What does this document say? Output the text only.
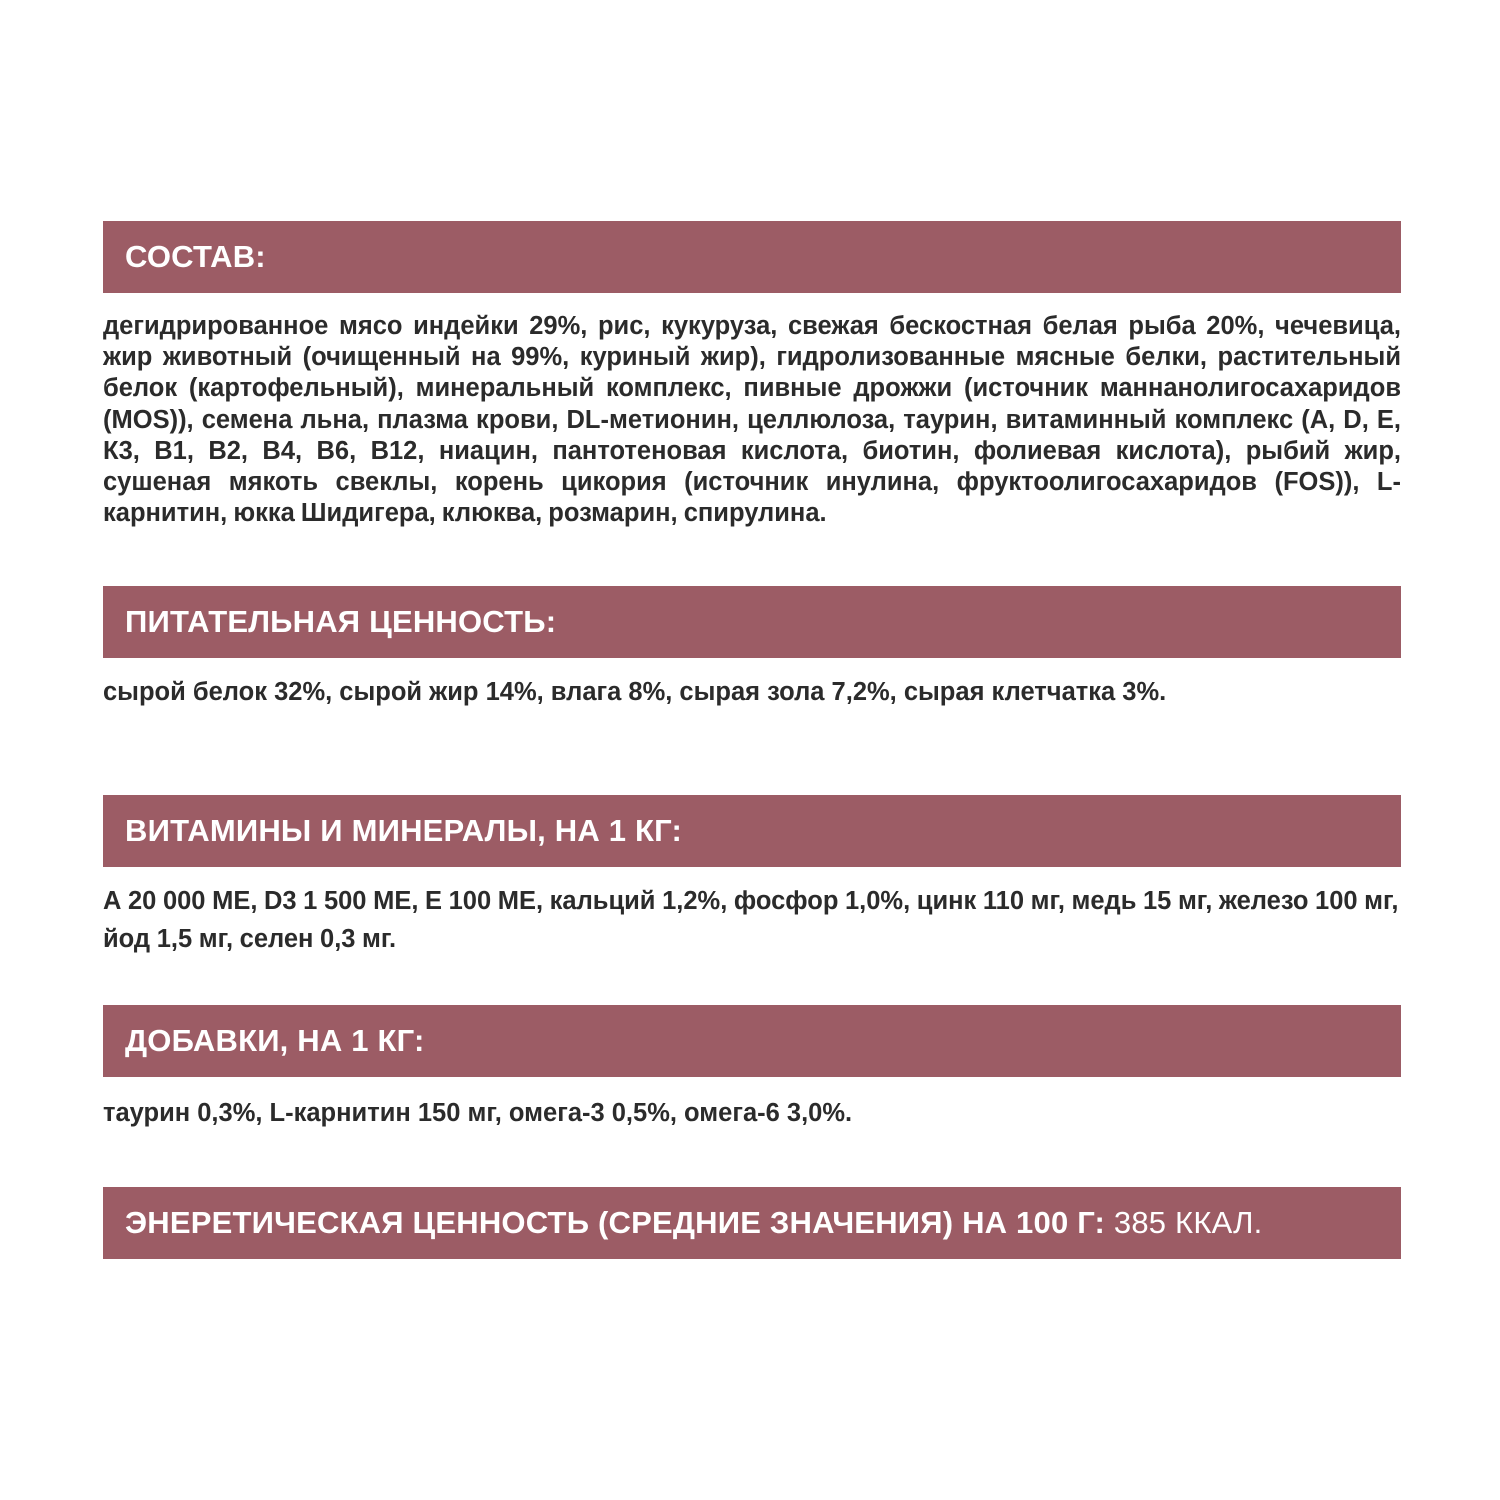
СОСТАВ:

дегидрированное мясо индейки 29%, рис, кукуруза, свежая бескостная белая рыба 20%, чечевица, жир животный (очищенный на 99%, куриный жир), гидролизованные мясные белки, растительный белок (картофельный), минеральный комплекс, пивные дрожжи (источник маннанолигосахаридов (MOS)), семена льна, плазма крови, DL-метионин, целлюлоза, таурин, витаминный комплекс (А, D, Е, К3, В1, В2, В4, В6, В12, ниацин, пантотеновая кислота, биотин, фолиевая кислота), рыбий жир, сушеная мякоть свеклы, корень цикория (источник инулина, фруктоолигосахаридов (FOS)), L-карнитин, юкка Шидигера, клюква, розмарин, спирулина.

ПИТАТЕЛЬНАЯ ЦЕННОСТЬ:

сырой белок 32%, сырой жир 14%, влага 8%, сырая зола 7,2%, сырая клетчатка 3%.

ВИТАМИНЫ И МИНЕРАЛЫ, НА 1 КГ:

А 20 000 МЕ, D3 1 500 МЕ, Е 100 МЕ, кальций 1,2%, фосфор 1,0%, цинк 110 мг, медь 15 мг, железо 100 мг, йод 1,5 мг, селен 0,3 мг.

ДОБАВКИ, НА 1 КГ:

таурин 0,3%, L-карнитин 150 мг, омега-3 0,5%, омега-6 3,0%.

ЭНЕРЕТИЧЕСКАЯ ЦЕННОСТЬ (СРЕДНИЕ ЗНАЧЕНИЯ) НА 100 Г:
385 ККАЛ.
